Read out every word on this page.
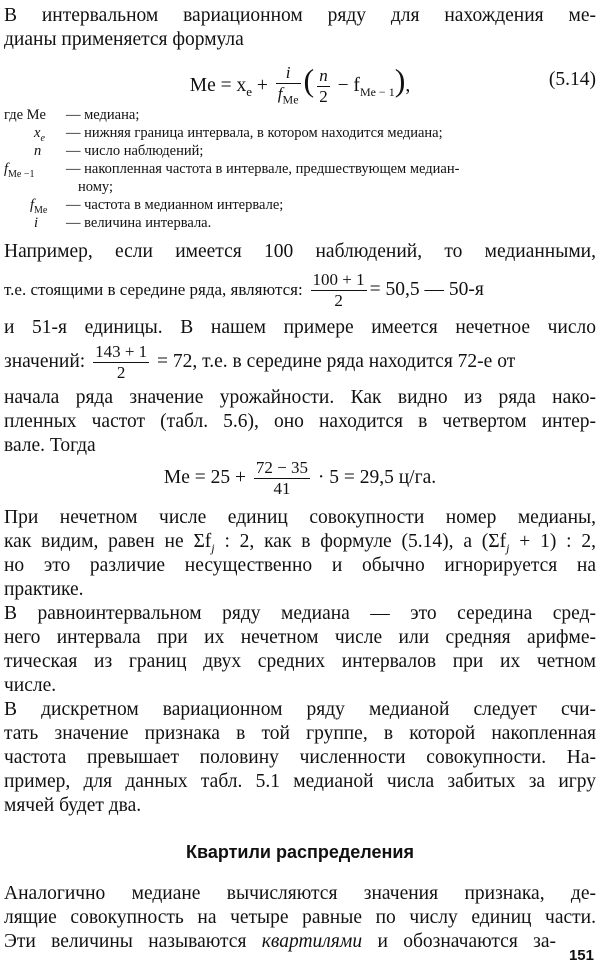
В интервальном вариационном ряду для нахождения ме-
дианы применяется формула
$Me = x_e + \frac{i}{f_{Me}}$ ( $\frac{n}{2} - f_{Me - 1}$),	(5.14)
где Me	— медиана;
$x_e$	— нижняя граница интервала, в котором находится медиана;
n	— число наблюдений;
$f_{Me -1}$	— накопленная частота в интервале, предшествующем медиан-
ному;
$f_{Me}$	— частота в медианном интервале;
i	— величина интервала.
Например, если имеется 100 наблюдений, то медианными,
т.е. стоящими в середине ряда, являются: $\frac{100 + 1}{2} = 50,5$ — 50-я
и 51-я единицы. В нашем примере имеется нечетное число
значений: $\frac{143 + 1}{2} = 72$, т.е. в середине ряда находится 72-е от
начала ряда значение урожайности. Как видно из ряда нако-
пленных частот (табл. 5.6), оно находится в четвертом интер-
вале. Тогда
$Me = 25 + \frac{72 - 35}{41} \cdot 5 = 29,5$ ц/га.
При нечетном числе единиц совокупности номер медианы,
как видим, равен не $\Sigma f_j$ : 2, как в формуле (5.14), а $(\Sigma f_j + 1)$ : 2,
но это различие несущественно и обычно игнорируется на
практике.
В равноинтервальном ряду медиана — это середина сред-
него интервала при их нечетном числе или средняя арифме-
тическая из границ двух средних интервалов при их четном
числе.
В дискретном вариационном ряду медианой следует счи-
тать значение признака в той группе, в которой накопленная
частота превышает половину численности совокупности. На-
пример, для данных табл. 5.1 медианой числа забитых за игру
мячей будет два.
Квартили распределения
Аналогично медиане вычисляются значения признака, де-
лящие совокупность на четыре равные по числу единиц части.
Эти величины называются квартилями и обозначаются за-
151
